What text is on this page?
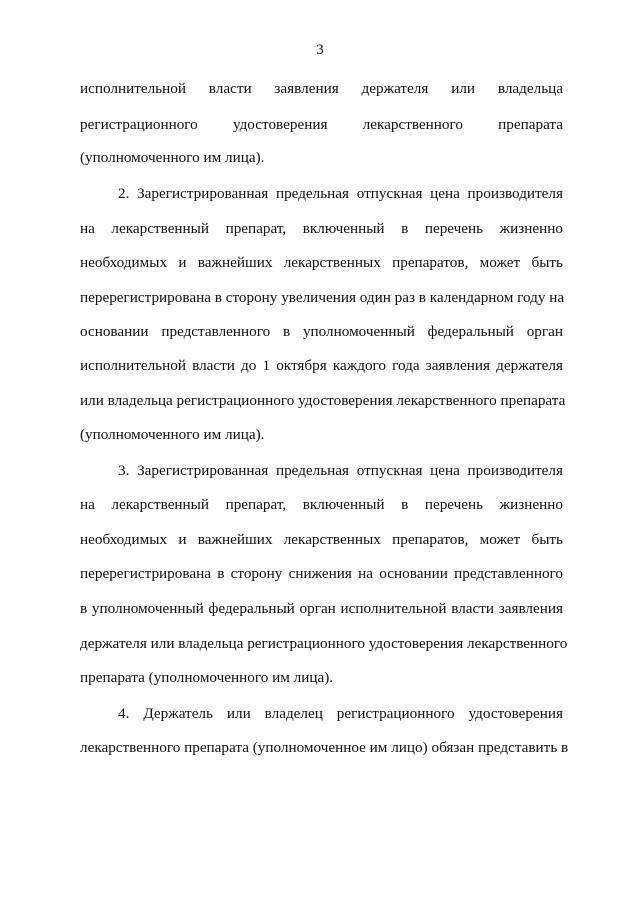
3
исполнительной власти заявления держателя или владельца
регистрационного удостоверения лекарственного препарата
(уполномоченного им лица).
2. Зарегистрированная предельная отпускная цена производителя
на лекарственный препарат, включенный в перечень жизненно
необходимых и важнейших лекарственных препаратов, может быть
перерегистрирована в сторону увеличения один раз в календарном году на
основании представленного в уполномоченный федеральный орган
исполнительной власти до 1 октября каждого года заявления держателя
или владельца регистрационного удостоверения лекарственного препарата
(уполномоченного им лица).
3. Зарегистрированная предельная отпускная цена производителя
на лекарственный препарат, включенный в перечень жизненно
необходимых и важнейших лекарственных препаратов, может быть
перерегистрирована в сторону снижения на основании представленного
в уполномоченный федеральный орган исполнительной власти заявления
держателя или владельца регистрационного удостоверения лекарственного
препарата (уполномоченного им лица).
4. Держатель или владелец регистрационного удостоверения
лекарственного препарата (уполномоченное им лицо) обязан представить в
